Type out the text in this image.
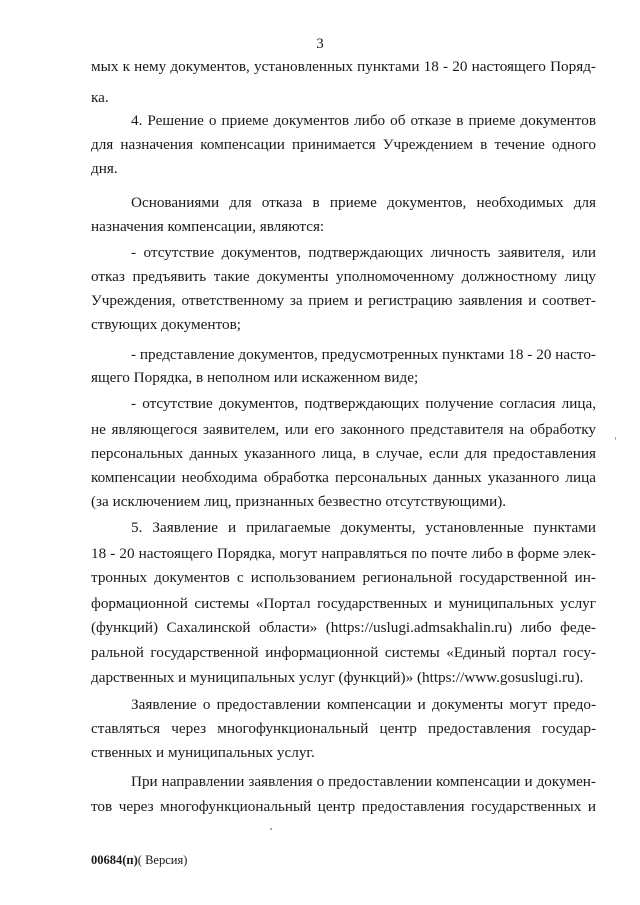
3
мых к нему документов, установленных пунктами 18 - 20 настоящего Поряд-
ка.
4. Решение о приеме документов либо об отказе в приеме документов
для назначения компенсации принимается Учреждением в течение одного
дня.
Основаниями для отказа в приеме документов, необходимых для
назначения компенсации, являются:
- отсутствие документов, подтверждающих личность заявителя, или
отказ предъявить такие документы уполномоченному должностному лицу
Учреждения, ответственному за прием и регистрацию заявления и соответ-
ствующих документов;
- представление документов, предусмотренных пунктами 18 - 20 насто-
ящего Порядка, в неполном или искаженном виде;
- отсутствие документов, подтверждающих получение согласия лица,
не являющегося заявителем, или его законного представителя на обработку
персональных данных указанного лица, в случае, если для предоставления
компенсации необходима обработка персональных данных указанного лица
(за исключением лиц, признанных безвестно отсутствующими).
5. Заявление и прилагаемые документы, установленные пунктами
18 - 20 настоящего Порядка, могут направляться по почте либо в форме элек-
тронных документов с использованием региональной государственной ин-
формационной системы «Портал государственных и муниципальных услуг
(функций) Сахалинской области» (https://uslugi.admsakhalin.ru) либо феде-
ральной государственной информационной системы «Единый портал госу-
дарственных и муниципальных услуг (функций)» (https://www.gosuslugi.ru).
Заявление о предоставлении компенсации и документы могут предо-
ставляться через многофункциональный центр предоставления государ-
ственных и муниципальных услуг.
При направлении заявления о предоставлении компенсации и докумен-
тов через многофункциональный центр предоставления государственных и
00684(п)( Версия)
